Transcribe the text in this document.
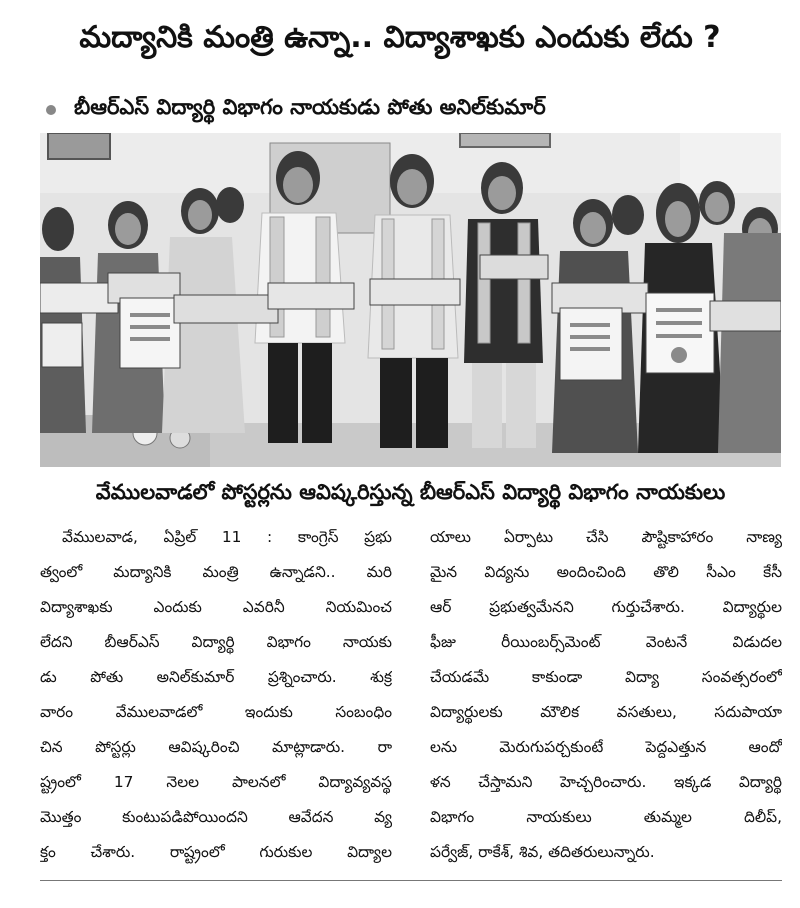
మద్యానికి మంత్రి ఉన్నా.. విద్యాశాఖకు ఎందుకు లేదు ?
బీఆర్ఎస్ విద్యార్థి విభాగం నాయకుడు పోతు అనిల్‌కుమార్
వేములవాడలో పోస్టర్లను ఆవిష్కరిస్తున్న బీఆర్ఎస్ విద్యార్థి విభాగం నాయకులు
వేములవాడ, ఏప్రిల్ 11 : కాంగ్రెస్ ప్రభు
త్వంలో మద్యానికి మంత్రి ఉన్నాడని.. మరి
విద్యాశాఖకు ఎందుకు ఎవరినీ నియమించ
లేదని బీఆర్ఎస్ విద్యార్థి విభాగం నాయకు
డు పోతు అనిల్‌కుమార్ ప్రశ్నించారు. శుక్ర
వారం వేములవాడలో ఇందుకు సంబంధిం
చిన పోస్టర్లు ఆవిష్కరించి మాట్లాడారు. రా
ష్ట్రంలో 17 నెలల పాలనలో విద్యావ్యవస్థ
మొత్తం కుంటుపడిపోయిందని ఆవేదన వ్య
క్తం చేశారు. రాష్ట్రంలో గురుకుల విద్యాల
యాలు ఏర్పాటు చేసి పౌష్టికాహారం నాణ్య
మైన విద్యను అందించింది తొలి సీఎం కేసీ
ఆర్ ప్రభుత్వమేనని గుర్తుచేశారు. విద్యార్థుల
ఫీజు రీయింబర్స్‌మెంట్ వెంటనే విడుదల
చేయడమే కాకుండా విద్యా సంవత్సరంలో
విద్యార్థులకు మౌలిక వసతులు, సదుపాయా
లను మెరుగుపర్చకుంటే పెద్దఎత్తున ఆందో
ళన చేస్తామని హెచ్చరించారు. ఇక్కడ విద్యార్థి
విభాగం నాయకులు తుమ్మల దిలీప్,
పర్వేజ్, రాకేశ్, శివ, తదితరులున్నారు.
